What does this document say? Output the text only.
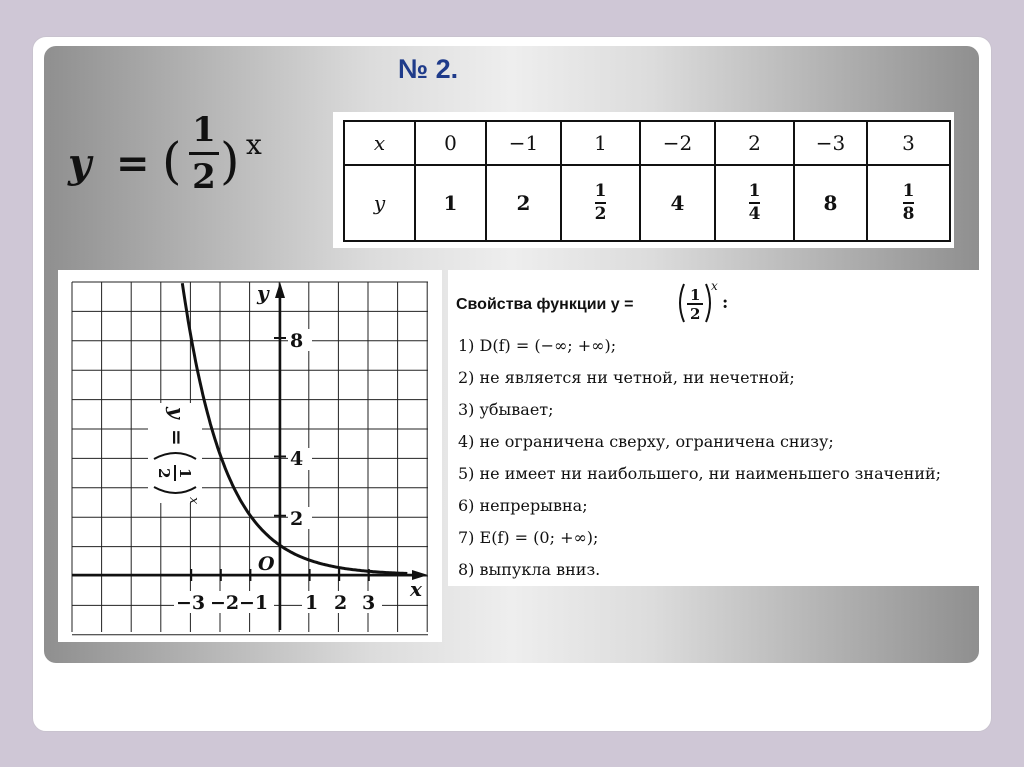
№ 2.
y = (
1
2 ) x	x	0	−1	1	−2	2	−3	3
y	1	2	$\frac{1}{2}$	4	$\frac{1}{4}$	8	$\frac{1}{8}$
y
x
O
8
4
2
−3 −2 −1 1 2 3
y
=
1
2
x
Свойства функции y =
1
2
x
:
1) D(f) = (−∞; +∞);
2) не является ни четной, ни нечетной;
3) убывает;
4) не ограничена сверху, ограничена снизу;
5) не имеет ни наибольшего, ни наименьшего значений;
6) непрерывна;
7) E(f) = (0; +∞);
8) выпукла вниз.
